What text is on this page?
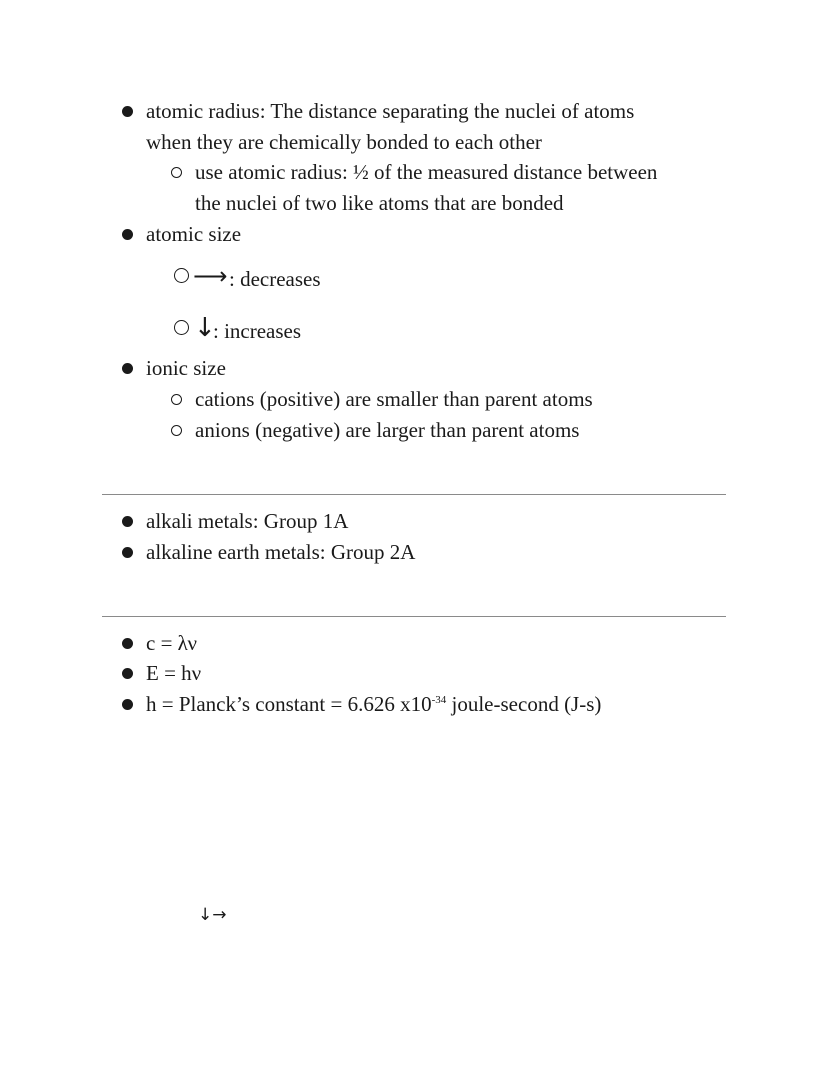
atomic radius: The distance separating the nuclei of atoms
when they are chemically bonded to each other
use atomic radius: ½ of the measured distance between
the nuclei of two like atoms that are bonded
atomic size
⟶ : decreases
↓
: increases
ionic size
cations (positive) are smaller than parent atoms
anions (negative) are larger than parent atoms
alkali metals: Group 1A
alkaline earth metals: Group 2A
c = λν
E = hν
h = Planck’s constant = 6.626 $x10^{-34}$ joule-second (J-s)
↓→
